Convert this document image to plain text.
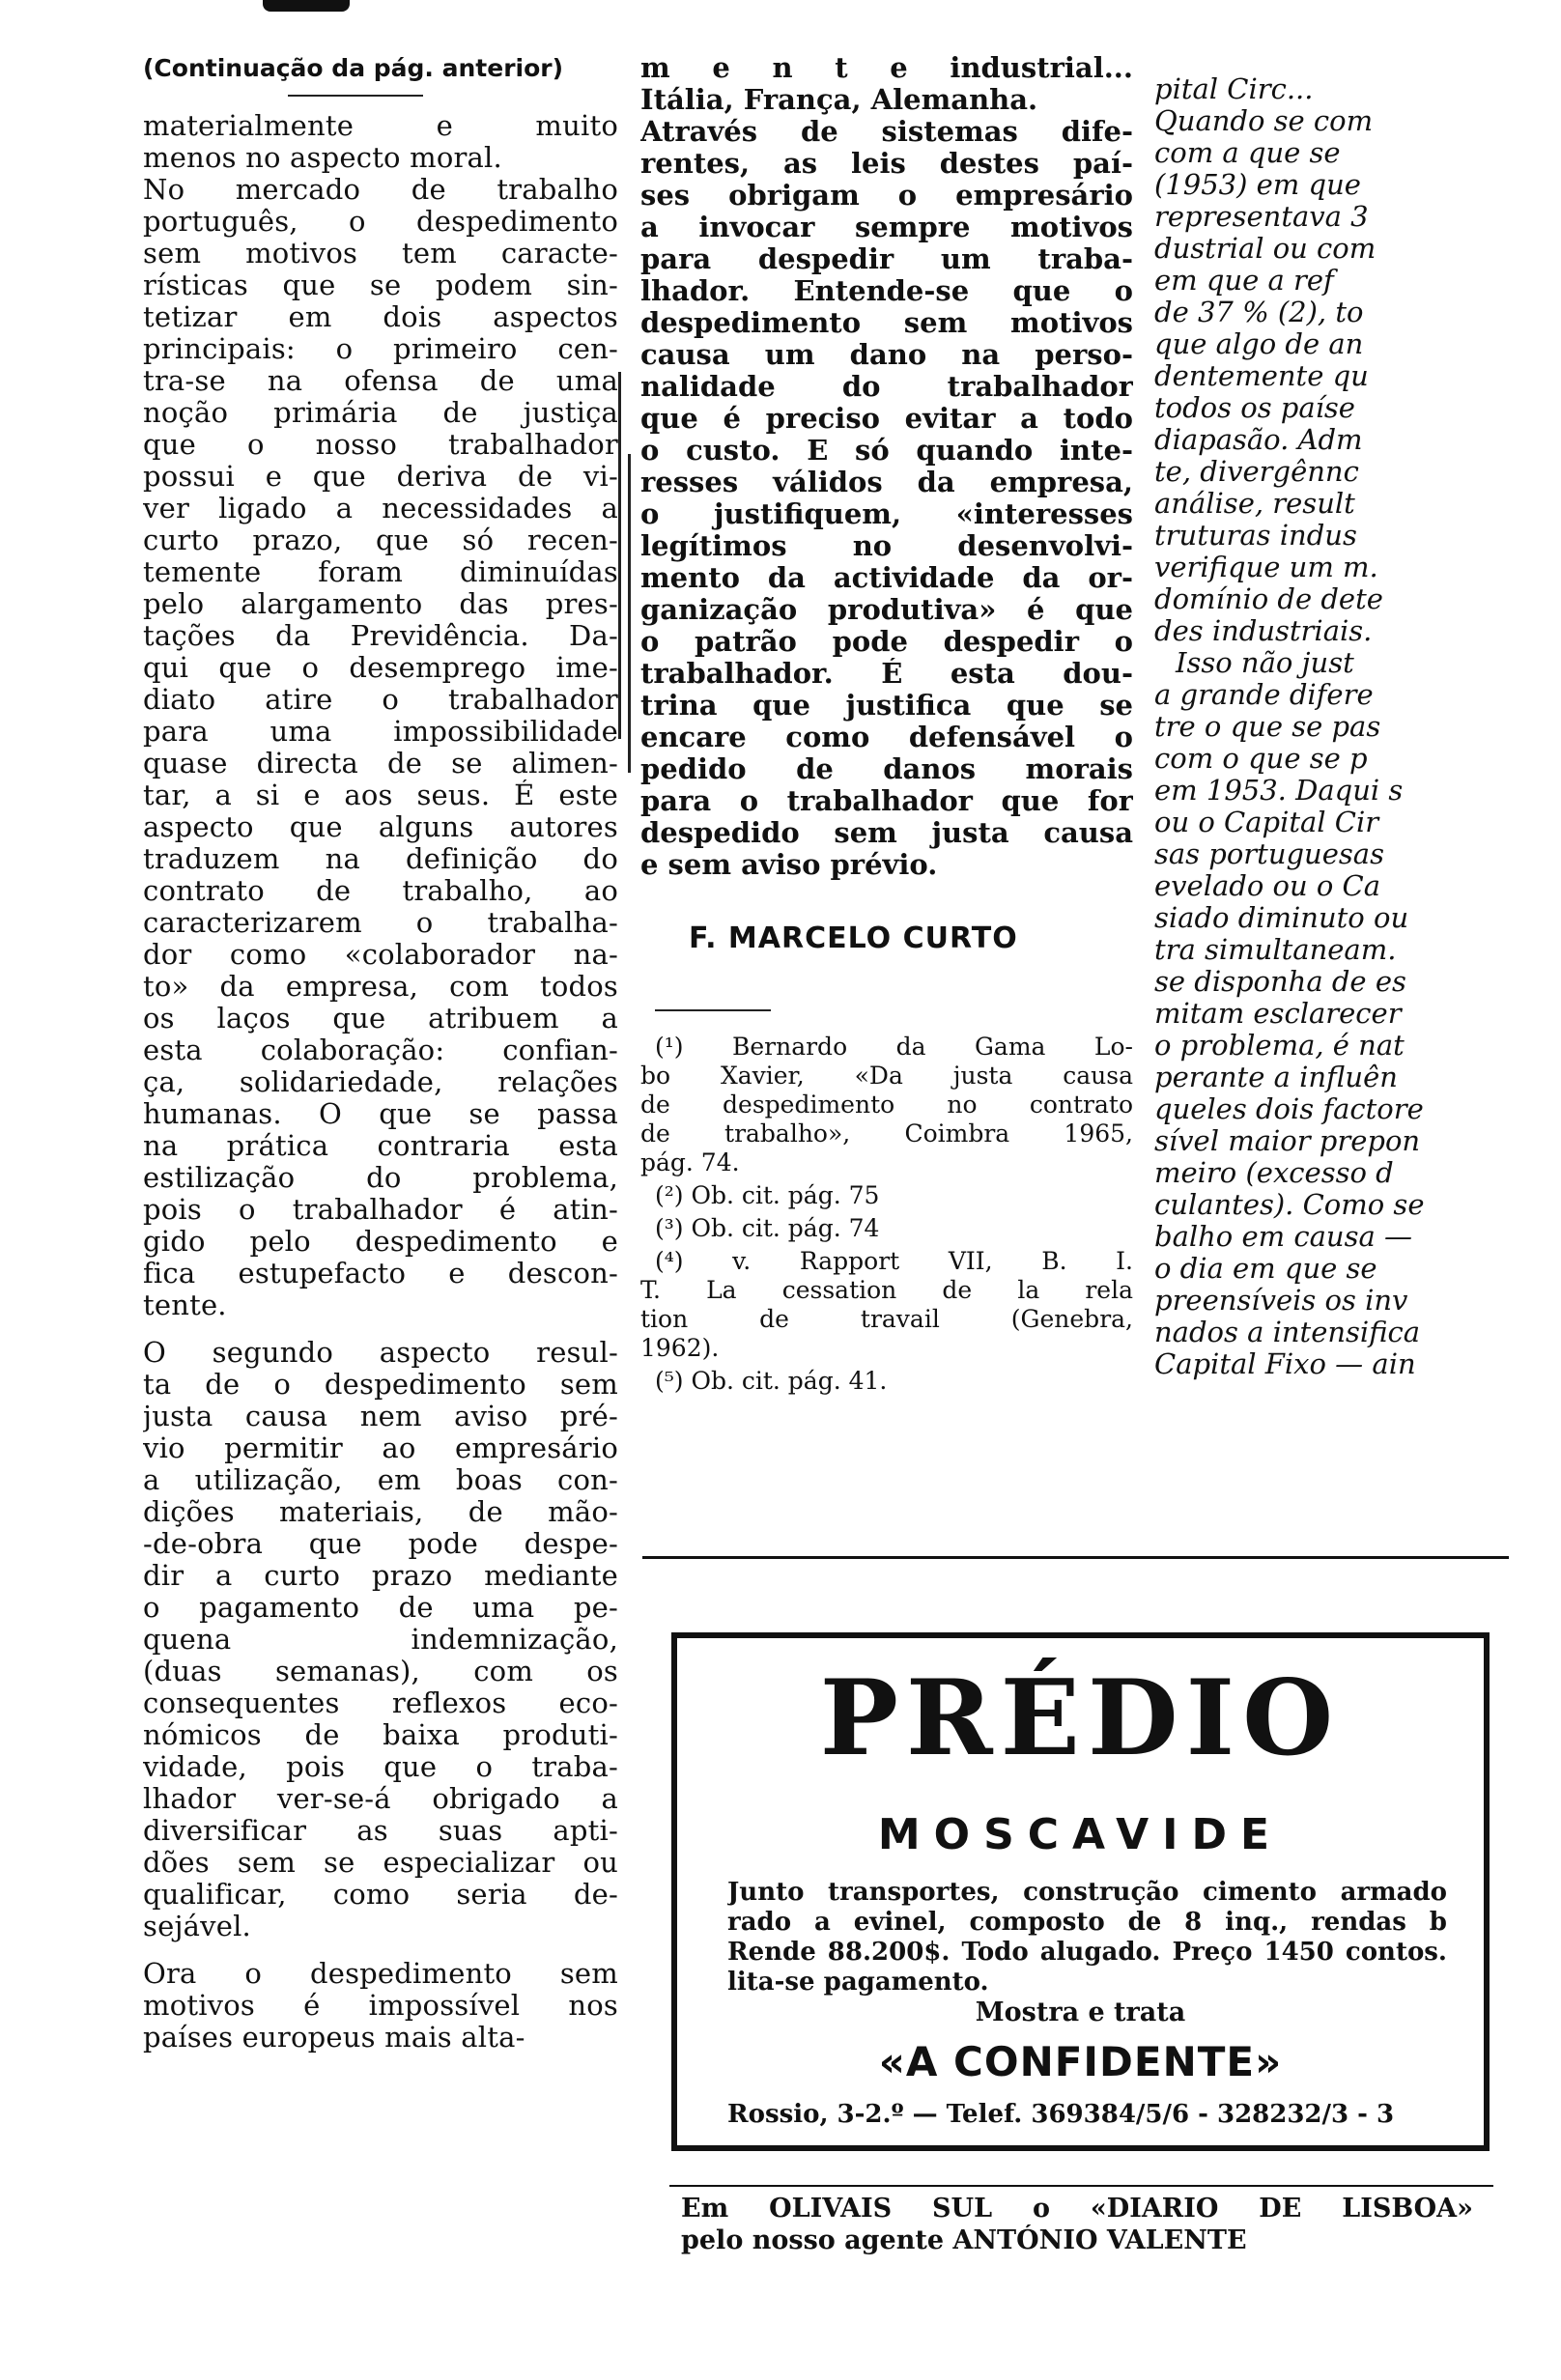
(Continuação da pág. anterior)
materialmente e muito
menos no aspecto moral.
No mercado de trabalho
português, o despedimento
sem motivos tem caracte-
rísticas que se podem sin-
tetizar em dois aspectos
principais: o primeiro cen-
tra-se na ofensa de uma
noção primária de justiça
que o nosso trabalhador
possui e que deriva de vi-
ver ligado a necessidades a
curto prazo, que só recen-
temente foram diminuídas
pelo alargamento das pres-
tações da Previdência. Da-
qui que o desemprego ime-
diato atire o trabalhador
para uma impossibilidade
quase directa de se alimen-
tar, a si e aos seus. É este
aspecto que alguns autores
traduzem na definição do
contrato de trabalho, ao
caracterizarem o trabalha-
dor como «colaborador na-
to» da empresa, com todos
os laços que atribuem a
esta colaboração: confian-
ça, solidariedade, relações
humanas. O que se passa
na prática contraria esta
estilização do problema,
pois o trabalhador é atin-
gido pelo despedimento e
fica estupefacto e descon-
tente.
O segundo aspecto resul-
ta de o despedimento sem
justa causa nem aviso pré-
vio permitir ao empresário
a utilização, em boas con-
dições materiais, de mão-
-de-obra que pode despe-
dir a curto prazo mediante
o pagamento de uma pe-
quena indemnização,
(duas semanas), com os
consequentes reflexos eco-
nómicos de baixa produti-
vidade, pois que o traba-
lhador ver-se-á obrigado a
diversificar as suas apti-
dões sem se especializar ou
qualificar, como seria de-
sejável.
Ora o despedimento sem
motivos é impossível nos
países europeus mais alta-
m e n t e industrial...
Itália, França, Alemanha.
Através de sistemas dife-
rentes, as leis destes paí-
ses obrigam o empresário
a invocar sempre motivos
para despedir um traba-
lhador. Entende-se que o
despedimento sem motivos
causa um dano na perso-
nalidade do trabalhador
que é preciso evitar a todo
o custo. E só quando inte-
resses válidos da empresa,
o justifiquem, «interesses
legítimos no desenvolvi-
mento da actividade da or-
ganização produtiva» é que
o patrão pode despedir o
trabalhador. É esta dou-
trina que justifica que se
encare como defensável o
pedido de danos morais
para o trabalhador que for
despedido sem justa causa
e sem aviso prévio.
F. MARCELO CURTO
(¹) Bernardo da Gama Lo-
bo Xavier, «Da justa causa
de despedimento no contrato
de trabalho», Coimbra 1965,
pág. 74.
(²) Ob. cit. pág. 75
(³) Ob. cit. pág. 74
(⁴) v. Rapport VII, B. I.
T. La cessation de la rela
tion de travail (Genebra,
1962).
(⁵) Ob. cit. pág. 41.
pital Circ...
Quando se com
com a que se
(1953) em que
representava 3
dustrial ou com
em que a ref
de 37 % (2), to
que algo de an
dentemente qu
todos os paíse
diapasão. Adm
te, divergênnc
análise, result
truturas indus
verifique um m.
domínio de dete
des industriais.
Isso não just
a grande difere
tre o que se pas
com o que se p
em 1953. Daqui s
ou o Capital Cir
sas portuguesas
evelado ou o Ca
siado diminuto ou
tra simultaneam.
se disponha de es
mitam esclarecer
o problema, é nat
perante a influên
queles dois factore
sível maior prepon
meiro (excesso d
culantes). Como se
balho em causa —
o dia em que se
preensíveis os inv
nados a intensifica
Capital Fixo — ain
PRÉDIO
MOSCAVIDE
Junto transportes, construção cimento armado
rado a evinel, composto de 8 inq., rendas b
Rende 88.200$. Todo alugado. Preço 1450 contos.
lita-se pagamento.
Mostra e trata
«A CONFIDENTE»
Rossio, 3-2.º — Telef. 369384/5/6 - 328232/3 - 3
Em OLIVAIS SUL o «DIARIO DE LISBOA»
pelo nosso agente ANTÓNIO VALENTE
